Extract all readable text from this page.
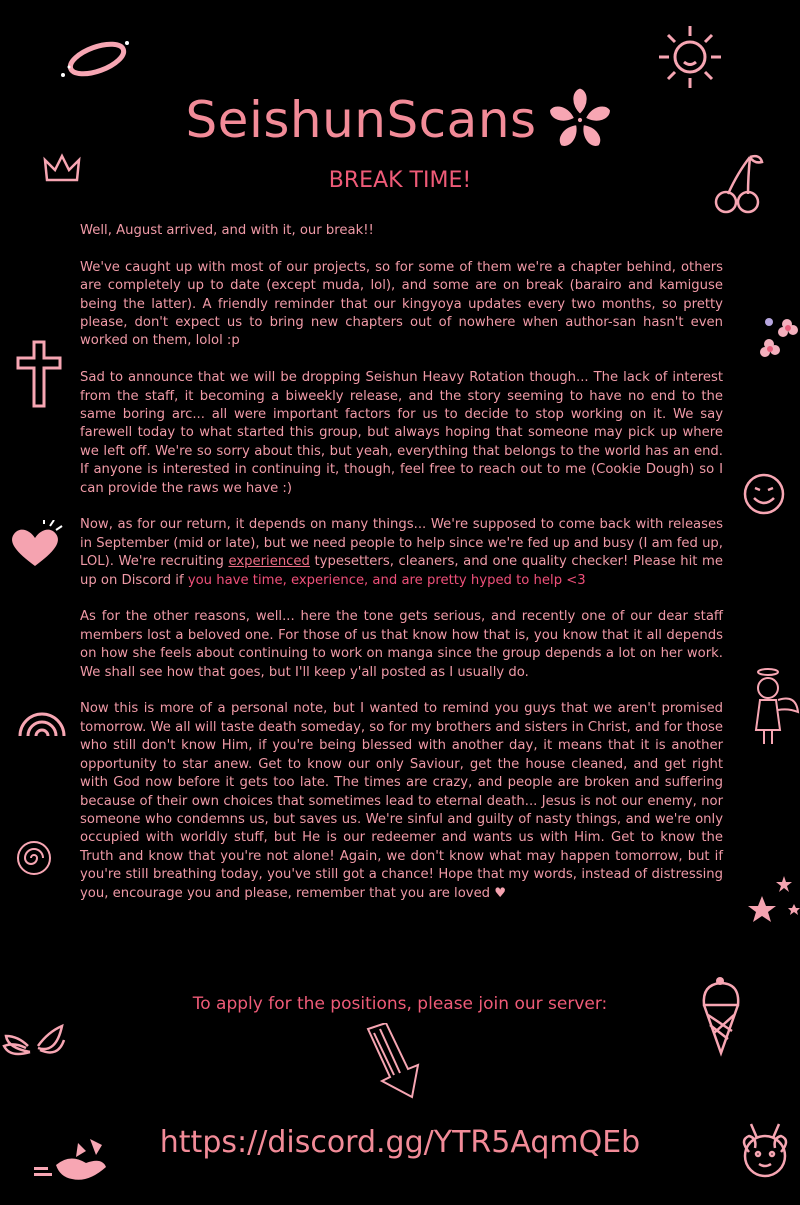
SeishunScans
BREAK TIME!

Well, August arrived, and with it, our break!!

We've caught up with most of our projects, so for some of them we're a chapter behind, others are completely up to date (except muda, lol), and some are on break (barairo and kamiguse being the latter). A friendly reminder that our kingyoya updates every two months, so pretty please, don't expect us to bring new chapters out of nowhere when author-san hasn't even worked on them, lolol :p

Sad to announce that we will be dropping Seishun Heavy Rotation though... The lack of interest from the staff, it becoming a biweekly release, and the story seeming to have no end to the same boring arc... all were important factors for us to decide to stop working on it. We say farewell today to what started this group, but always hoping that someone may pick up where we left off. We're so sorry about this, but yeah, everything that belongs to the world has an end. If anyone is interested in continuing it, though, feel free to reach out to me (Cookie Dough) so I can provide the raws we have :)

Now, as for our return, it depends on many things... We're supposed to come back with releases in September (mid or late), but we need people to help since we're fed up and busy (I am fed up, LOL). We're recruiting experienced typesetters, cleaners, and one quality checker! Please hit me up on Discord if you have time, experience, and are pretty hyped to help <3

As for the other reasons, well... here the tone gets serious, and recently one of our dear staff members lost a beloved one. For those of us that know how that is, you know that it all depends on how she feels about continuing to work on manga since the group depends a lot on her work. We shall see how that goes, but I'll keep y'all posted as I usually do.

Now this is more of a personal note, but I wanted to remind you guys that we aren't promised tomorrow. We all will taste death someday, so for my brothers and sisters in Christ, and for those who still don't know Him, if you're being blessed with another day, it means that it is another opportunity to star anew. Get to know our only Saviour, get the house cleaned, and get right with God now before it gets too late. The times are crazy, and people are broken and suffering because of their own choices that sometimes lead to eternal death... Jesus is not our enemy, nor someone who condemns us, but saves us. We're sinful and guilty of nasty things, and we're only occupied with worldly stuff, but He is our redeemer and wants us with Him. Get to know the Truth and know that you're not alone! Again, we don't know what may happen tomorrow, but if you're still breathing today, you've still got a chance! Hope that my words, instead of distressing you, encourage you and please, remember that you are loved ♥

To apply for the positions, please join our server:
https://discord.gg/YTR5AqmQEb
